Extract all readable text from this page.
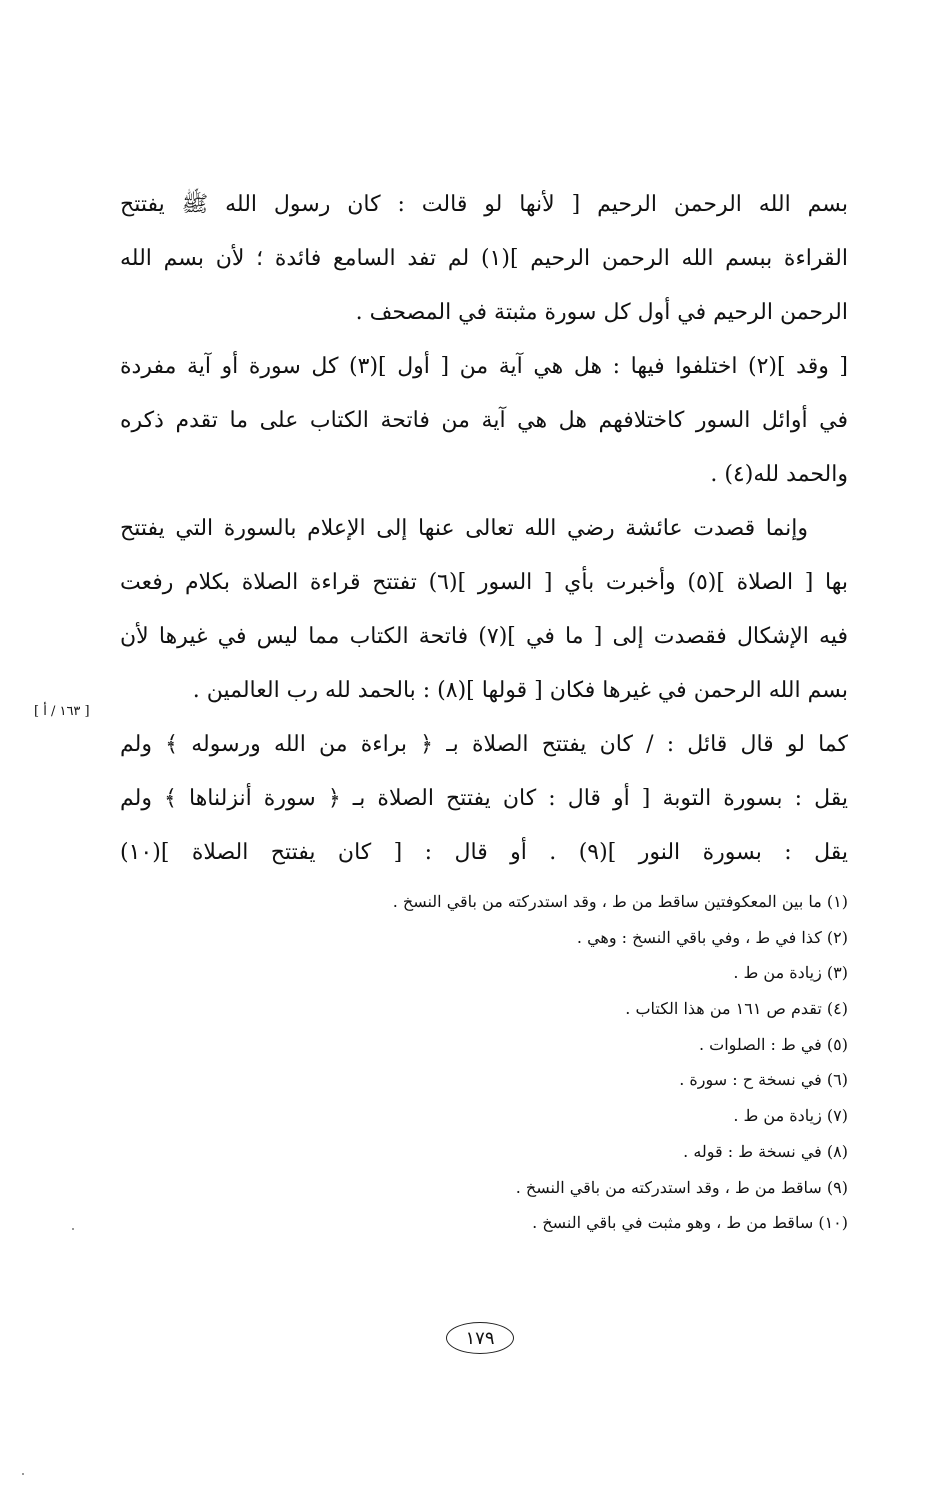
بسم الله الرحمن الرحيم [ لأنها لو قالت : كان رسول الله ﷺ يفتتح
القراءة ببسم الله الرحمن الرحيم ](١) لم تفد السامع فائدة ؛ لأن بسم الله
الرحمن الرحيم في أول كل سورة مثبتة في المصحف .
[ وقد ](٢) اختلفوا فيها : هل هي آية من [ أول ](٣) كل سورة أو آية مفردة
في أوائل السور كاختلافهم هل هي آية من فاتحة الكتاب على ما تقدم ذكره
والحمد لله(٤) .
وإنما قصدت عائشة رضي الله تعالى عنها إلى الإعلام بالسورة التي يفتتح
بها [ الصلاة ](٥) وأخبرت بأي [ السور ](٦) تفتتح قراءة الصلاة بكلام رفعت
فيه الإشكال فقصدت إلى [ ما في ](٧) فاتحة الكتاب مما ليس في غيرها لأن
بسم الله الرحمن في غيرها فكان [ قولها ](٨) : بالحمد لله رب العالمين .
كما لو قال قائل : / كان يفتتح الصلاة بـ ﴿ براءة من الله ورسوله ﴾ ولم
يقل : بسورة التوبة [ أو قال : كان يفتتح الصلاة بـ ﴿ سورة أنزلناها ﴾ ولم
يقل : بسورة النور ](٩) . أو قال : [ كان يفتتح الصلاة ](١٠)
[ ١٦٣ / أ ]
(١) ما بين المعكوفتين ساقط من ط ، وقد استدركته من باقي النسخ .
(٢) كذا في ط ، وفي باقي النسخ : وهي .
(٣) زيادة من ط .
(٤) تقدم ص ١٦١ من هذا الكتاب .
(٥) في ط : الصلوات .
(٦) في نسخة ح : سورة .
(٧) زيادة من ط .
(٨) في نسخة ط : قوله .
(٩) ساقط من ط ، وقد استدركته من باقي النسخ .
(١٠) ساقط من ط ، وهو مثبت في باقي النسخ .
١٧٩
